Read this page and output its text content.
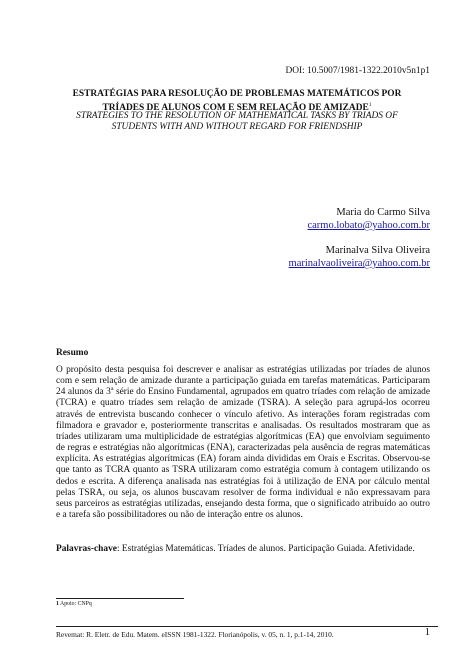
DOI: 10.5007/1981-1322.2010v5n1p1
ESTRATÉGIAS PARA RESOLUÇÃO DE PROBLEMAS MATEMÁTICOS POR
TRÍADES DE ALUNOS COM E SEM RELAÇÃO DE AMIZADE$^1$
STRATEGIES TO THE RESOLUTION OF MATHEMATICAL TASKS BY TRIADS OF
STUDENTS WITH AND WITHOUT REGARD FOR FRIENDSHIP
Maria do Carmo Silva
carmo.lobato@yahoo.com.br
Marinalva Silva Oliveira
marinalvaoliveira@yahoo.com.br
Resumo
O propósito desta pesquisa foi descrever e analisar as estratégias utilizadas por tríades de alunos com e sem relação de amizade durante a participação guiada em tarefas matemáticas. Participaram 24 alunos da 3ª série do Ensino Fundamental, agrupados em quatro tríades com relação de amizade (TCRA) e quatro tríades sem relação de amizade (TSRA). A seleção para agrupá-los ocorreu através de entrevista buscando conhecer o vínculo afetivo. As interações foram registradas com filmadora e gravador e, posteriormente transcritas e analisadas. Os resultados mostraram que as tríades utilizaram uma multiplicidade de estratégias algorítmicas (EA) que envolviam seguimento de regras e estratégias não algorítmicas (ENA), caracterizadas pela ausência de regras matemáticas explícita. As estratégias algorítmicas (EA) foram ainda divididas em Orais e Escritas. Observou-se que tanto as TCRA quanto as TSRA utilizaram como estratégia comum à contagem utilizando os dedos e escrita. A diferença analisada nas estratégias foi à utilização de ENA por cálculo mental pelas TSRA, ou seja, os alunos buscavam resolver de forma individual e não expressavam para seus parceiros as estratégias utilizadas, ensejando desta forma, que o significado atribuído ao outro e a tarefa são possibilitadores ou não de interação entre os alunos.
Palavras-chave: Estratégias Matemáticas. Tríades de alunos. Participação Guiada. Afetividade.
1 Apoio: CNPq
Revemat: R. Eletr. de Edu. Matem. eISSN 1981-1322. Florianópolis, v. 05, n. 1, p.1-14, 2010.	1
